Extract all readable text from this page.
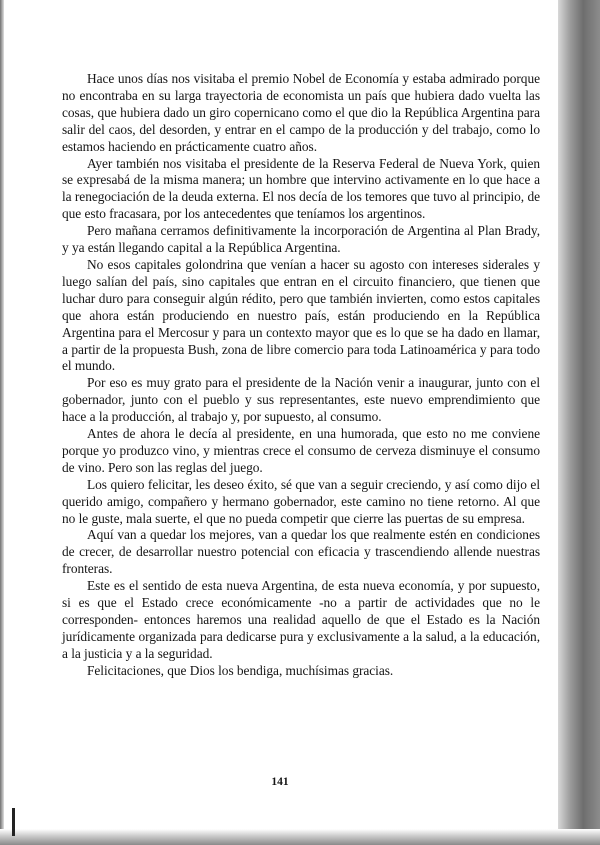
Hace unos días nos visitaba el premio Nobel de Economía y estaba admirado porque no encontraba en su larga trayectoria de economista un país que hubiera dado vuelta las cosas, que hubiera dado un giro copernicano como el que dio la República Argentina para salir del caos, del desorden, y entrar en el campo de la producción y del trabajo, como lo estamos haciendo en prácticamente cuatro años.

Ayer también nos visitaba el presidente de la Reserva Federal de Nueva York, quien se expresabá de la misma manera; un hombre que intervino activamente en lo que hace a la renegociación de la deuda externa. El nos decía de los temores que tuvo al principio, de que esto fracasara, por los antecedentes que teníamos los argentinos.

Pero mañana cerramos definitivamente la incorporación de Argentina al Plan Brady, y ya están llegando capital a la República Argentina.

No esos capitales golondrina que venían a hacer su agosto con intereses siderales y luego salían del país, sino capitales que entran en el circuito financiero, que tienen que luchar duro para conseguir algún rédito, pero que también invierten, como estos capitales que ahora están produciendo en nuestro país, están produciendo en la República Argentina para el Mercosur y para un contexto mayor que es lo que se ha dado en llamar, a partir de la propuesta Bush, zona de libre comercio para toda Latinoamérica y para todo el mundo.

Por eso es muy grato para el presidente de la Nación venir a inaugurar, junto con el gobernador, junto con el pueblo y sus representantes, este nuevo emprendimiento que hace a la producción, al trabajo y, por supuesto, al consumo.

Antes de ahora le decía al presidente, en una humorada, que esto no me conviene porque yo produzco vino, y mientras crece el consumo de cerveza disminuye el consumo de vino. Pero son las reglas del juego.

Los quiero felicitar, les deseo éxito, sé que van a seguir creciendo, y así como dijo el querido amigo, compañero y hermano gobernador, este camino no tiene retorno. Al que no le guste, mala suerte, el que no pueda competir que cierre las puertas de su empresa.

Aquí van a quedar los mejores, van a quedar los que realmente estén en condiciones de crecer, de desarrollar nuestro potencial con eficacia y trascendiendo allende nuestras fronteras.

Este es el sentido de esta nueva Argentina, de esta nueva economía, y por supuesto, si es que el Estado crece económicamente -no a partir de actividades que no le corresponden- entonces haremos una realidad aquello de que el Estado es la Nación jurídicamente organizada para dedicarse pura y exclusivamente a la salud, a la educación, a la justicia y a la seguridad.

Felicitaciones, que Dios los bendiga, muchísimas gracias.

141
